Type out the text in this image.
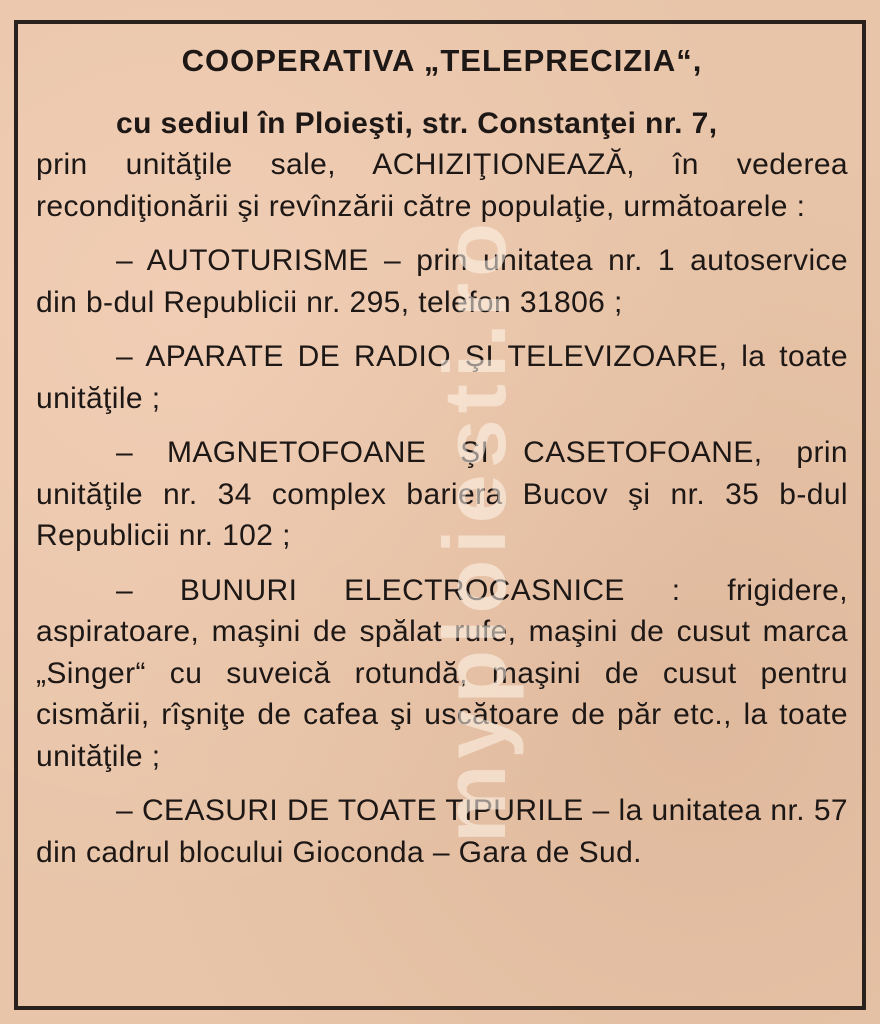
COOPERATIVA „TELEPRECIZIA“,

cu sediul în Ploieşti, str. Constanţei nr. 7,
prin unităţile sale, ACHIZIŢIONEAZĂ, în vederea recondiţionării şi revînzării către populaţie, următoarele :

– AUTOTURISME – prin unitatea nr. 1 autoservice din b-dul Republicii nr. 295, telefon 31806 ;

– APARATE DE RADIO ŞI TELEVIZOARE, la toate unităţile ;

– MAGNETOFOANE ŞI CASETOFOANE, prin unităţile nr. 34 complex bariera Bucov şi nr. 35 b-dul Republicii nr. 102 ;

– BUNURI ELECTROCASNICE : frigidere, aspiratoare, maşini de spălat rufe, maşini de cusut marca „Singer“ cu suveică rotundă, maşini de cusut pentru cismării, rîşniţe de cafea şi uscătoare de păr etc., la toate unităţile ;

– CEASURI DE TOATE TIPURILE – la unitatea nr. 57 din cadrul blocului Gioconda – Gara de Sud.

myploiesti.ro
